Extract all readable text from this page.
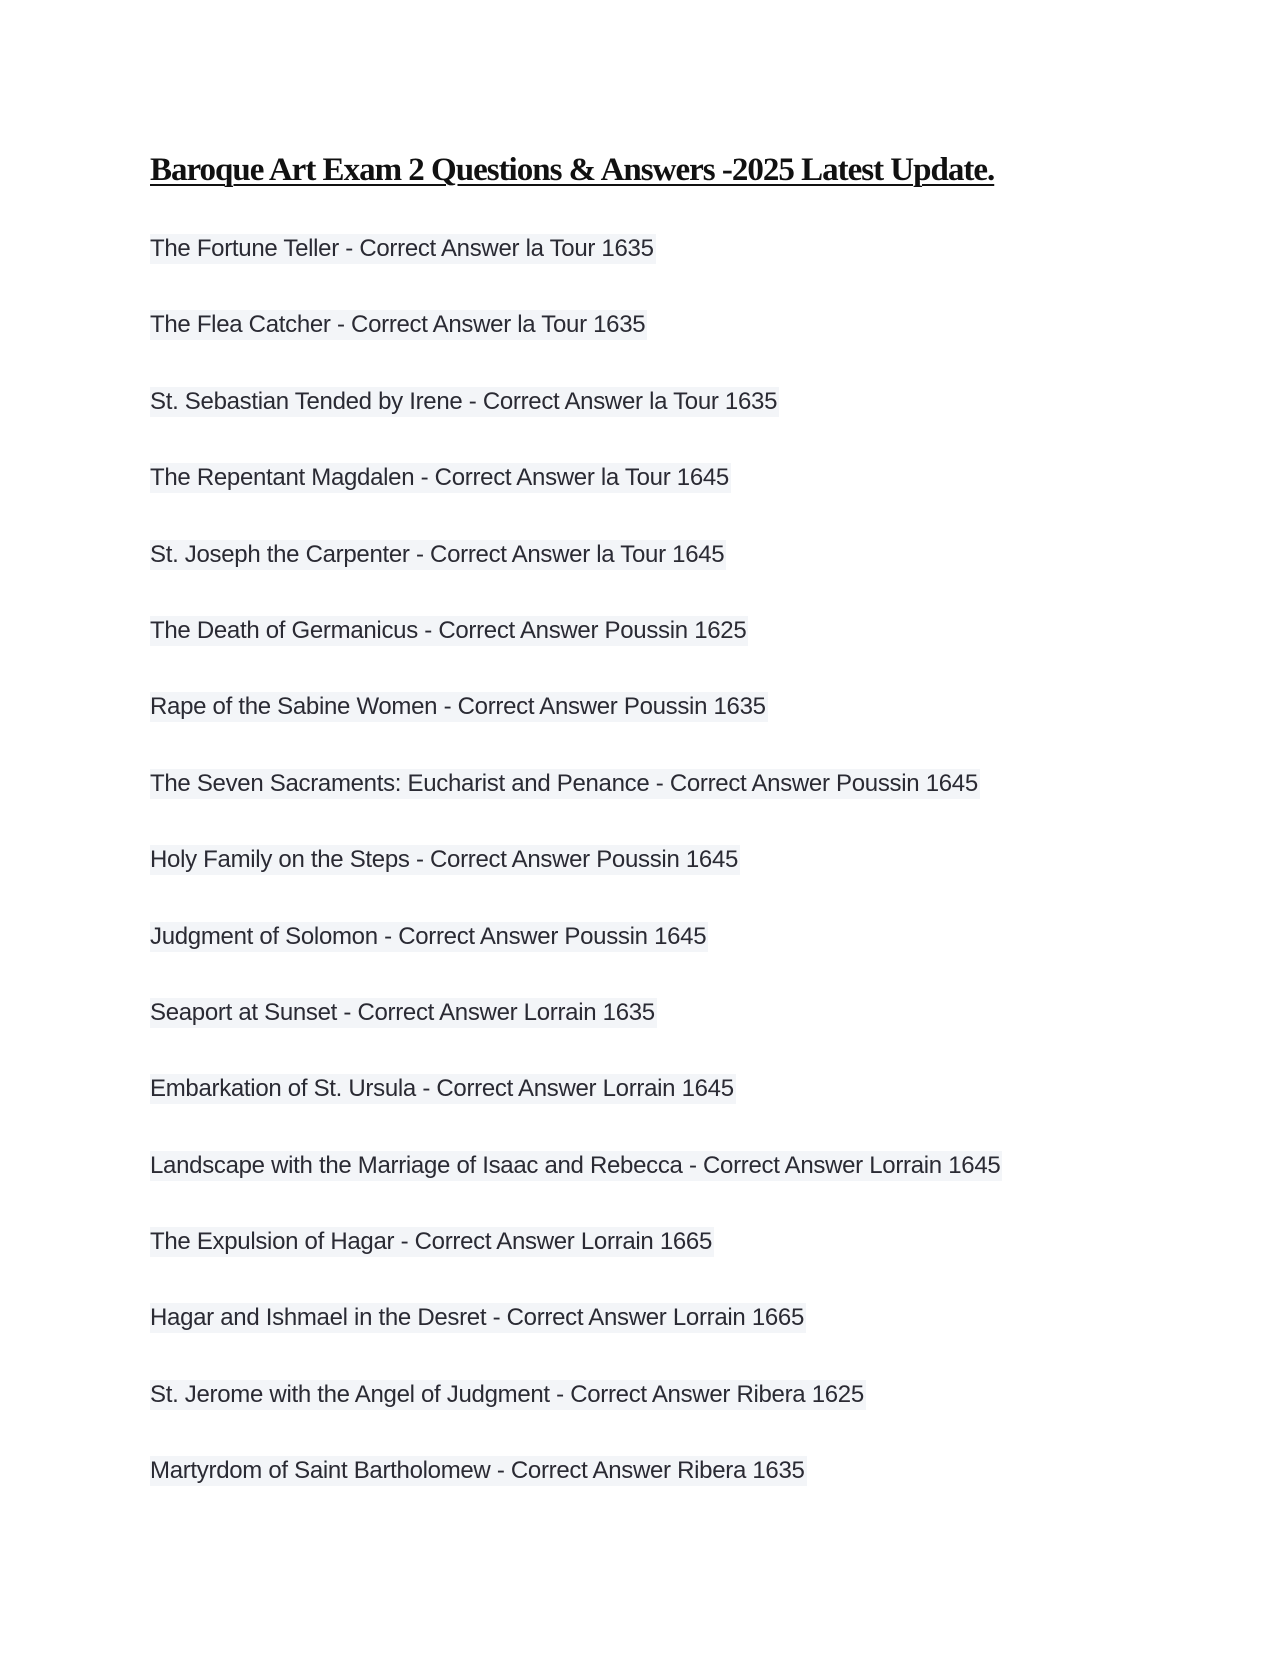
Baroque Art Exam 2 Questions & Answers -2025 Latest Update.
The Fortune Teller - Correct Answer la Tour 1635
The Flea Catcher - Correct Answer la Tour 1635
St. Sebastian Tended by Irene - Correct Answer la Tour 1635
The Repentant Magdalen - Correct Answer la Tour 1645
St. Joseph the Carpenter - Correct Answer la Tour 1645
The Death of Germanicus - Correct Answer Poussin 1625
Rape of the Sabine Women - Correct Answer Poussin 1635
The Seven Sacraments: Eucharist and Penance - Correct Answer Poussin 1645
Holy Family on the Steps - Correct Answer Poussin 1645
Judgment of Solomon - Correct Answer Poussin 1645
Seaport at Sunset - Correct Answer Lorrain 1635
Embarkation of St. Ursula - Correct Answer Lorrain 1645
Landscape with the Marriage of Isaac and Rebecca - Correct Answer Lorrain 1645
The Expulsion of Hagar - Correct Answer Lorrain 1665
Hagar and Ishmael in the Desret - Correct Answer Lorrain 1665
St. Jerome with the Angel of Judgment - Correct Answer Ribera 1625
Martyrdom of Saint Bartholomew - Correct Answer Ribera 1635
